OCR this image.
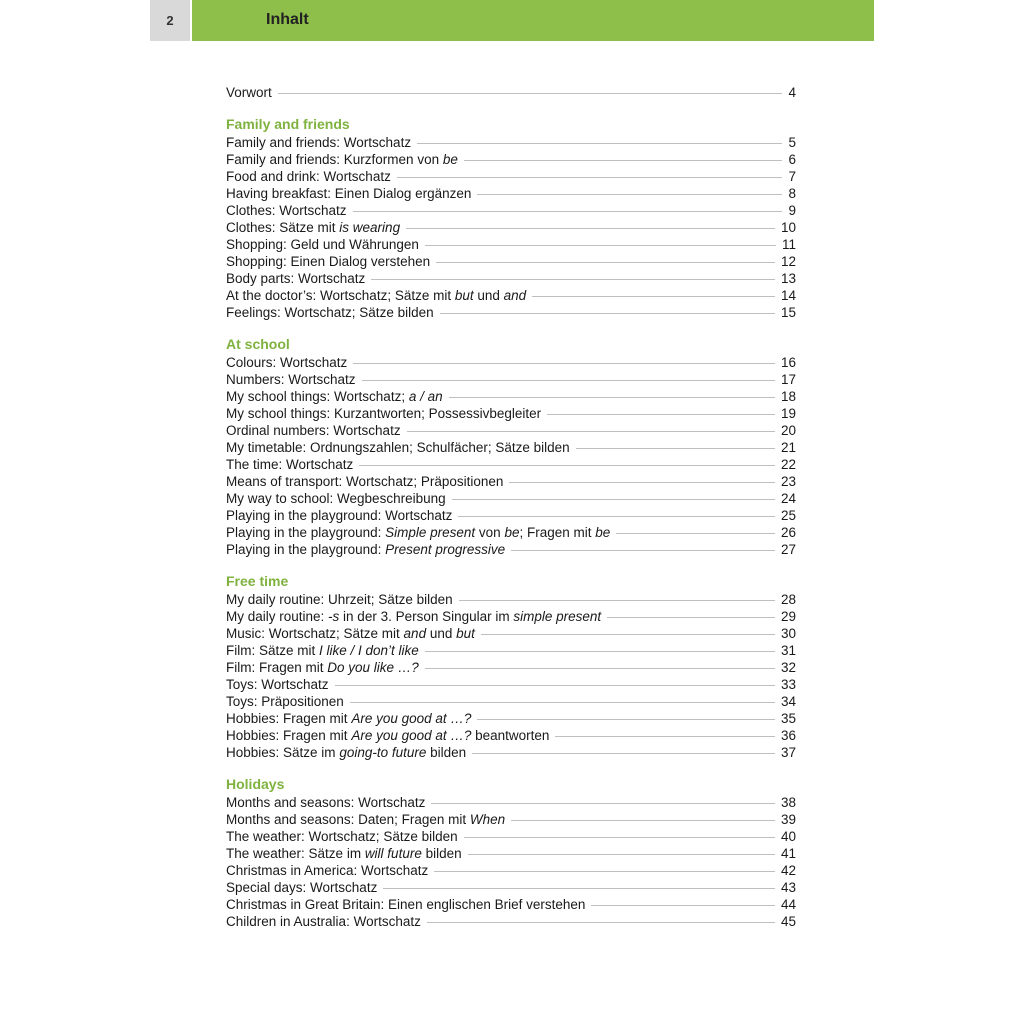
2	Inhalt
Vorwort	4
Family and friends
Family and friends: Wortschatz	5
Family and friends: Kurzformen von be	6
Food and drink: Wortschatz	7
Having breakfast: Einen Dialog ergänzen	8
Clothes: Wortschatz	9
Clothes: Sätze mit is wearing	10
Shopping: Geld und Währungen	11
Shopping: Einen Dialog verstehen	12
Body parts: Wortschatz	13
At the doctor’s: Wortschatz; Sätze mit but und and	14
Feelings: Wortschatz; Sätze bilden	15
At school
Colours: Wortschatz	16
Numbers: Wortschatz	17
My school things: Wortschatz; a / an	18
My school things: Kurzantworten; Possessivbegleiter	19
Ordinal numbers: Wortschatz	20
My timetable: Ordnungszahlen; Schulfächer; Sätze bilden	21
The time: Wortschatz	22
Means of transport: Wortschatz; Präpositionen	23
My way to school: Wegbeschreibung	24
Playing in the playground: Wortschatz	25
Playing in the playground: Simple present von be; Fragen mit be	26
Playing in the playground: Present progressive	27
Free time
My daily routine: Uhrzeit; Sätze bilden	28
My daily routine: -s in der 3. Person Singular im simple present	29
Music: Wortschatz; Sätze mit and und but	30
Film: Sätze mit I like / I don’t like	31
Film: Fragen mit Do you like …?	32
Toys: Wortschatz	33
Toys: Präpositionen	34
Hobbies: Fragen mit Are you good at …?	35
Hobbies: Fragen mit Are you good at …? beantworten	36
Hobbies: Sätze im going-to future bilden	37
Holidays
Months and seasons: Wortschatz	38
Months and seasons: Daten; Fragen mit When	39
The weather: Wortschatz; Sätze bilden	40
The weather: Sätze im will future bilden	41
Christmas in America: Wortschatz	42
Special days: Wortschatz	43
Christmas in Great Britain: Einen englischen Brief verstehen	44
Children in Australia: Wortschatz	45
